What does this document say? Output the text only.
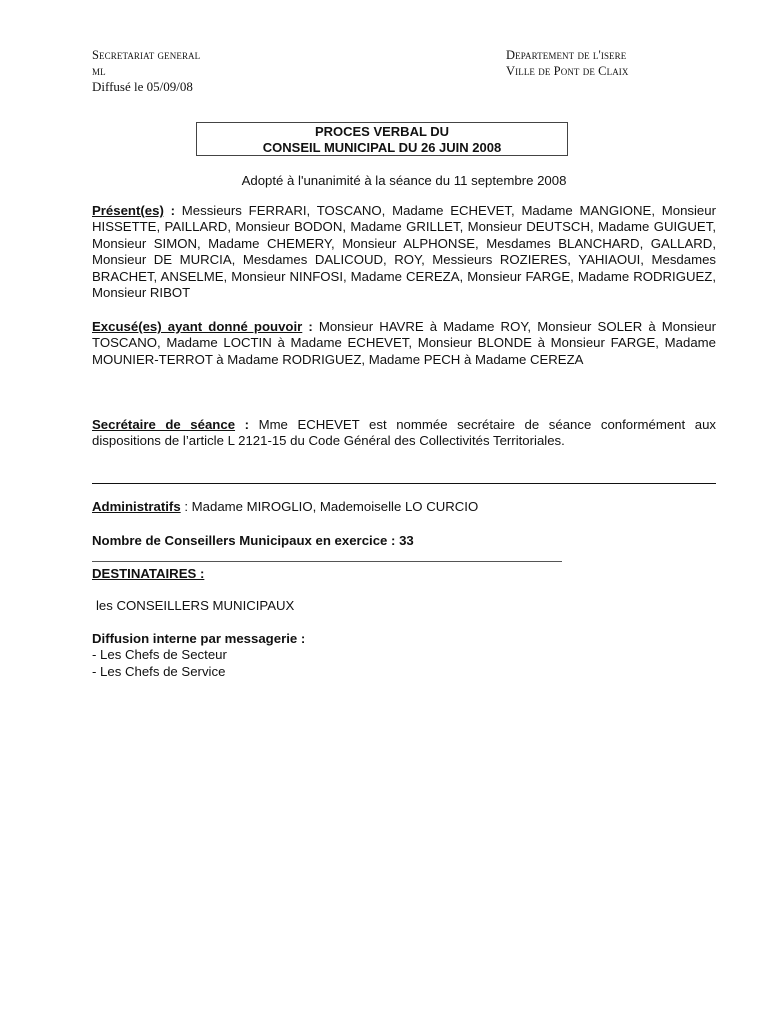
Secretariat general
ml
Diffusé le 05/09/08
Departement de l'isere
Ville de Pont de Claix
PROCES VERBAL DU
CONSEIL MUNICIPAL DU 26 JUIN 2008
Adopté à l'unanimité à la séance du 11 septembre 2008
Présent(es) : Messieurs FERRARI, TOSCANO, Madame ECHEVET, Madame MANGIONE, Monsieur HISSETTE, PAILLARD, Monsieur BODON, Madame GRILLET, Monsieur DEUTSCH, Madame GUIGUET, Monsieur SIMON, Madame CHEMERY, Monsieur ALPHONSE, Mesdames BLANCHARD, GALLARD, Monsieur DE MURCIA, Mesdames DALICOUD, ROY, Messieurs ROZIERES, YAHIAOUI, Mesdames BRACHET, ANSELME, Monsieur NINFOSI, Madame CEREZA, Monsieur FARGE, Madame RODRIGUEZ, Monsieur RIBOT
Excusé(es) ayant donné pouvoir : Monsieur HAVRE à Madame ROY, Monsieur SOLER à Monsieur TOSCANO, Madame LOCTIN à Madame ECHEVET, Monsieur BLONDE à Monsieur FARGE, Madame MOUNIER-TERROT à Madame RODRIGUEZ, Madame PECH à Madame CEREZA
Secrétaire de séance : Mme ECHEVET est nommée secrétaire de séance conformément aux dispositions de l’article L 2121-15 du Code Général des Collectivités Territoriales.
Administratifs : Madame MIROGLIO, Mademoiselle LO CURCIO
Nombre de Conseillers Municipaux en exercice : 33
DESTINATAIRES :
les CONSEILLERS MUNICIPAUX
Diffusion interne par messagerie :
- Les Chefs de Secteur
- Les Chefs de Service
